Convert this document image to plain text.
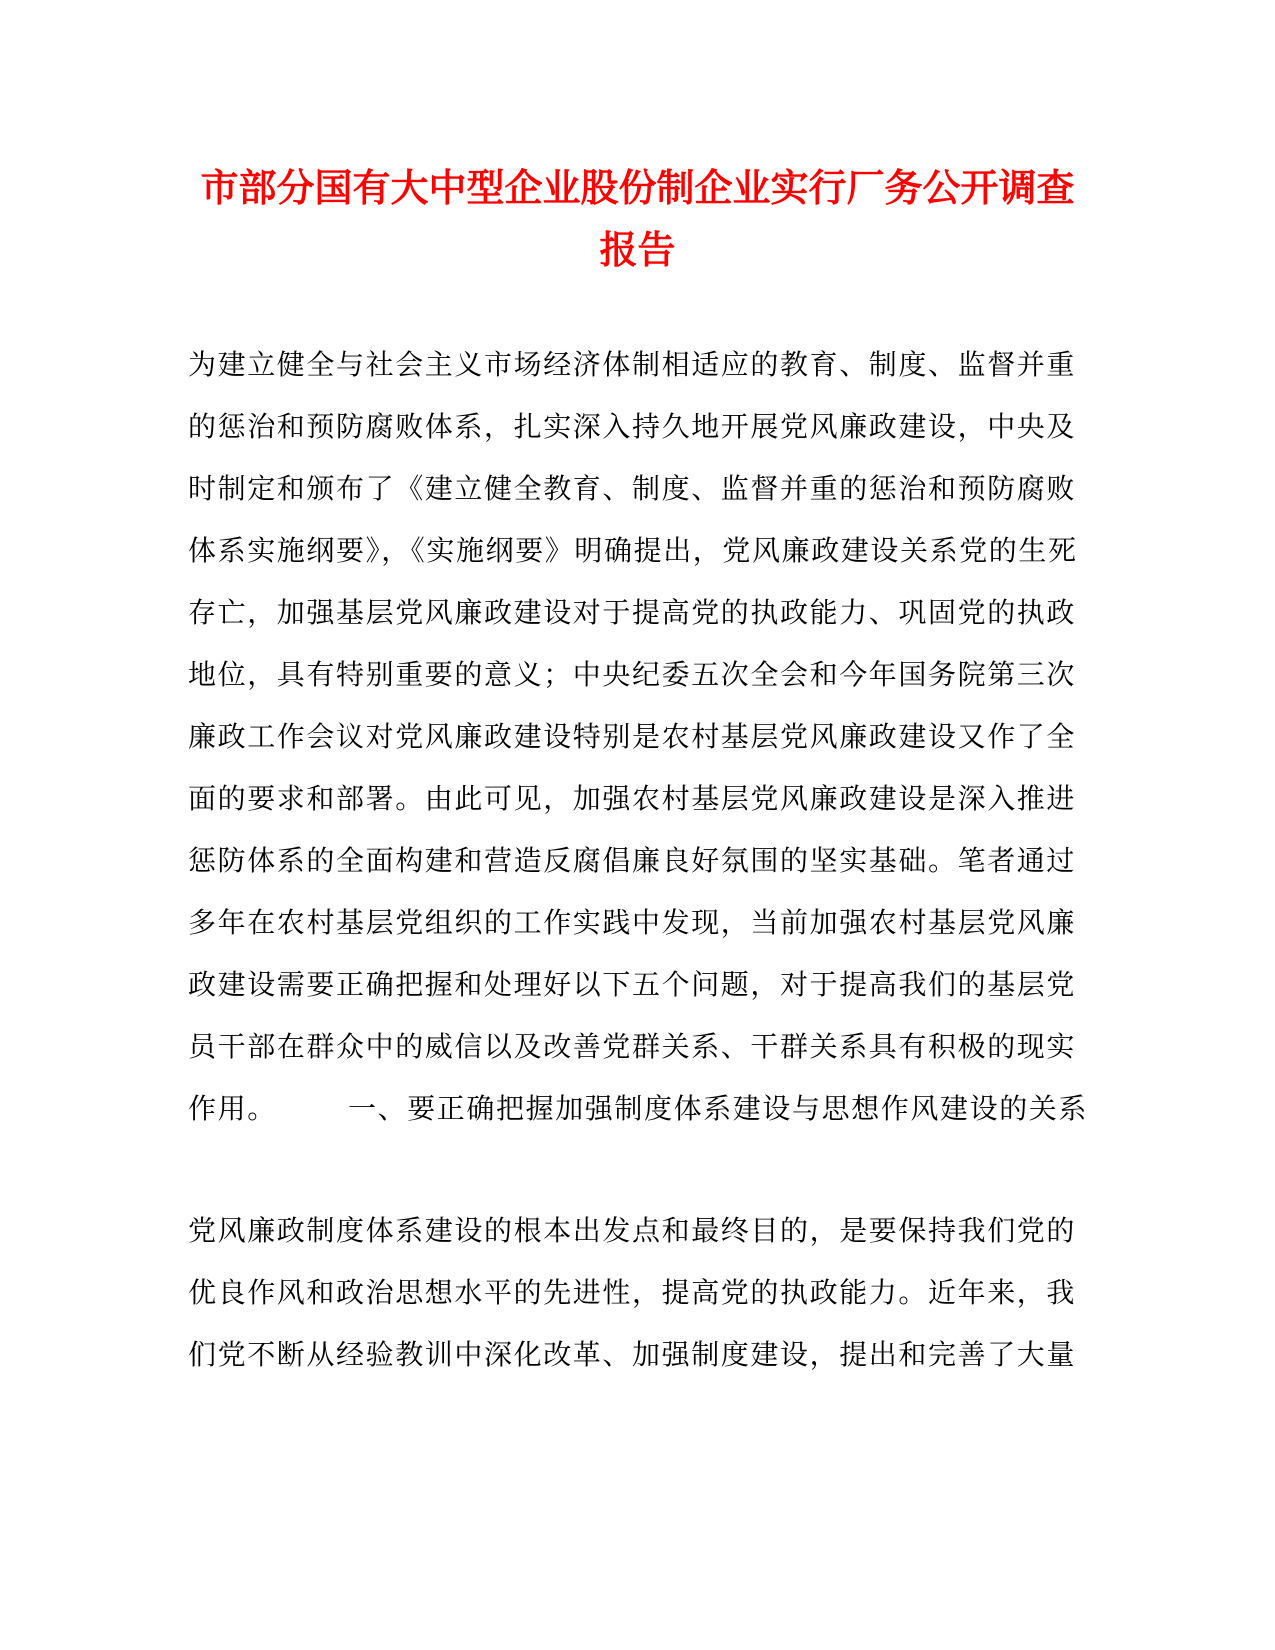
市部分国有大中型企业股份制企业实行厂务公开调查
报告
为建立健全与社会主义市场经济体制相适应的教育、制度、监督并重
的惩治和预防腐败体系，扎实深入持久地开展党风廉政建设，中央及
时制定和颁布了《建立健全教育、制度、监督并重的惩治和预防腐败
体系实施纲要》，《实施纲要》明确提出，党风廉政建设关系党的生死
存亡，加强基层党风廉政建设对于提高党的执政能力、巩固党的执政
地位，具有特别重要的意义；中央纪委五次全会和今年国务院第三次
廉政工作会议对党风廉政建设特别是农村基层党风廉政建设又作了全
面的要求和部署。由此可见，加强农村基层党风廉政建设是深入推进
惩防体系的全面构建和营造反腐倡廉良好氛围的坚实基础。笔者通过
多年在农村基层党组织的工作实践中发现，当前加强农村基层党风廉
政建设需要正确把握和处理好以下五个问题，对于提高我们的基层党
员干部在群众中的威信以及改善党群关系、干群关系具有积极的现实
作用。	一、要正确把握加强制度体系建设与思想作风建设的关系
党风廉政制度体系建设的根本出发点和最终目的，是要保持我们党的
优良作风和政治思想水平的先进性，提高党的执政能力。近年来，我
们党不断从经验教训中深化改革、加强制度建设，提出和完善了大量
